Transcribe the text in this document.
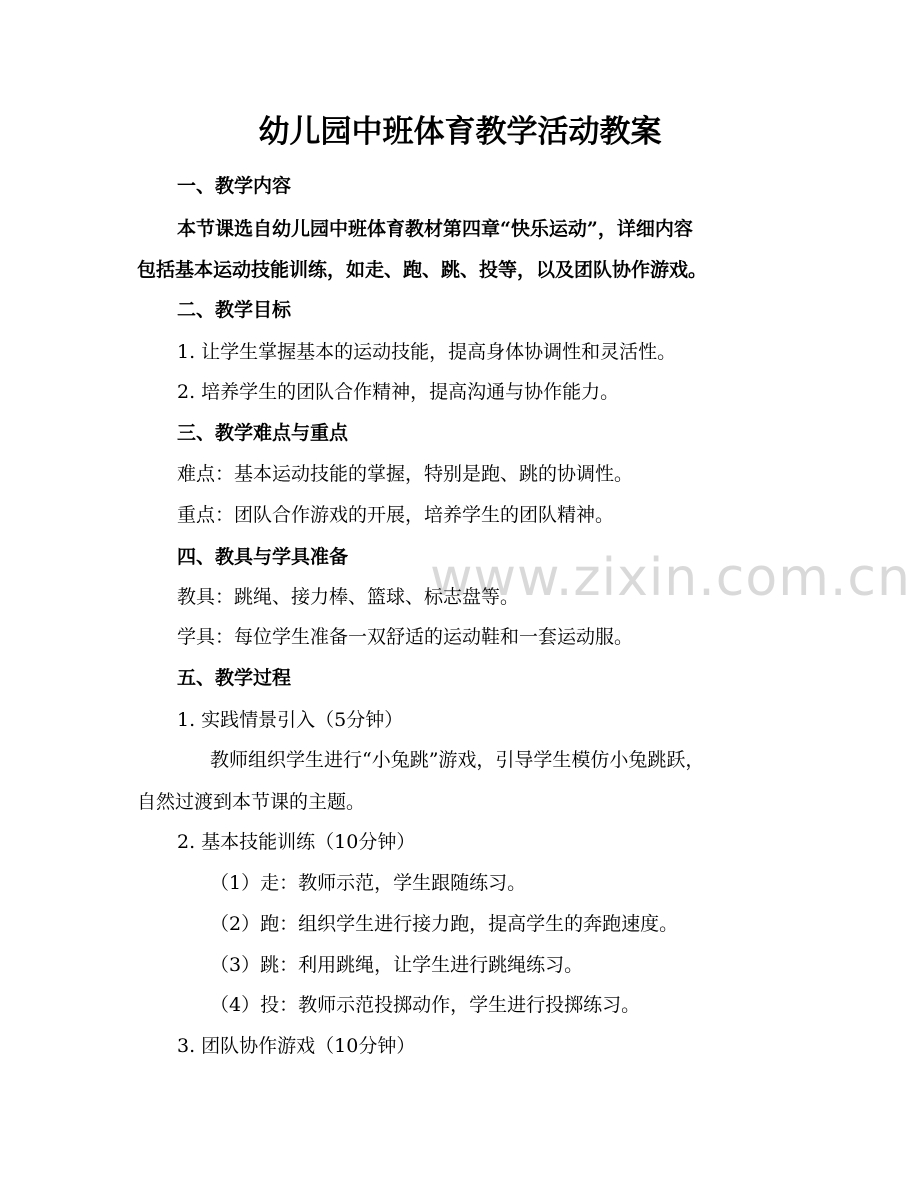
www.zixin.com.cn
幼儿园中班体育教学活动教案
一、教学内容
本节课选自幼儿园中班体育教材第四章“快乐运动”，详细内容
包括基本运动技能训练，如走、跑、跳、投等，以及团队协作游戏。
二、教学目标
1. 让学生掌握基本的运动技能，提高身体协调性和灵活性。
2. 培养学生的团队合作精神，提高沟通与协作能力。
三、教学难点与重点
难点：基本运动技能的掌握，特别是跑、跳的协调性。
重点：团队合作游戏的开展，培养学生的团队精神。
四、教具与学具准备
教具：跳绳、接力棒、篮球、标志盘等。
学具：每位学生准备一双舒适的运动鞋和一套运动服。
五、教学过程
1. 实践情景引入（5分钟）
教师组织学生进行“小兔跳”游戏，引导学生模仿小兔跳跃，
自然过渡到本节课的主题。
2. 基本技能训练（10分钟）
（1）走：教师示范，学生跟随练习。
（2）跑：组织学生进行接力跑，提高学生的奔跑速度。
（3）跳：利用跳绳，让学生进行跳绳练习。
（4）投：教师示范投掷动作，学生进行投掷练习。
3. 团队协作游戏（10分钟）
